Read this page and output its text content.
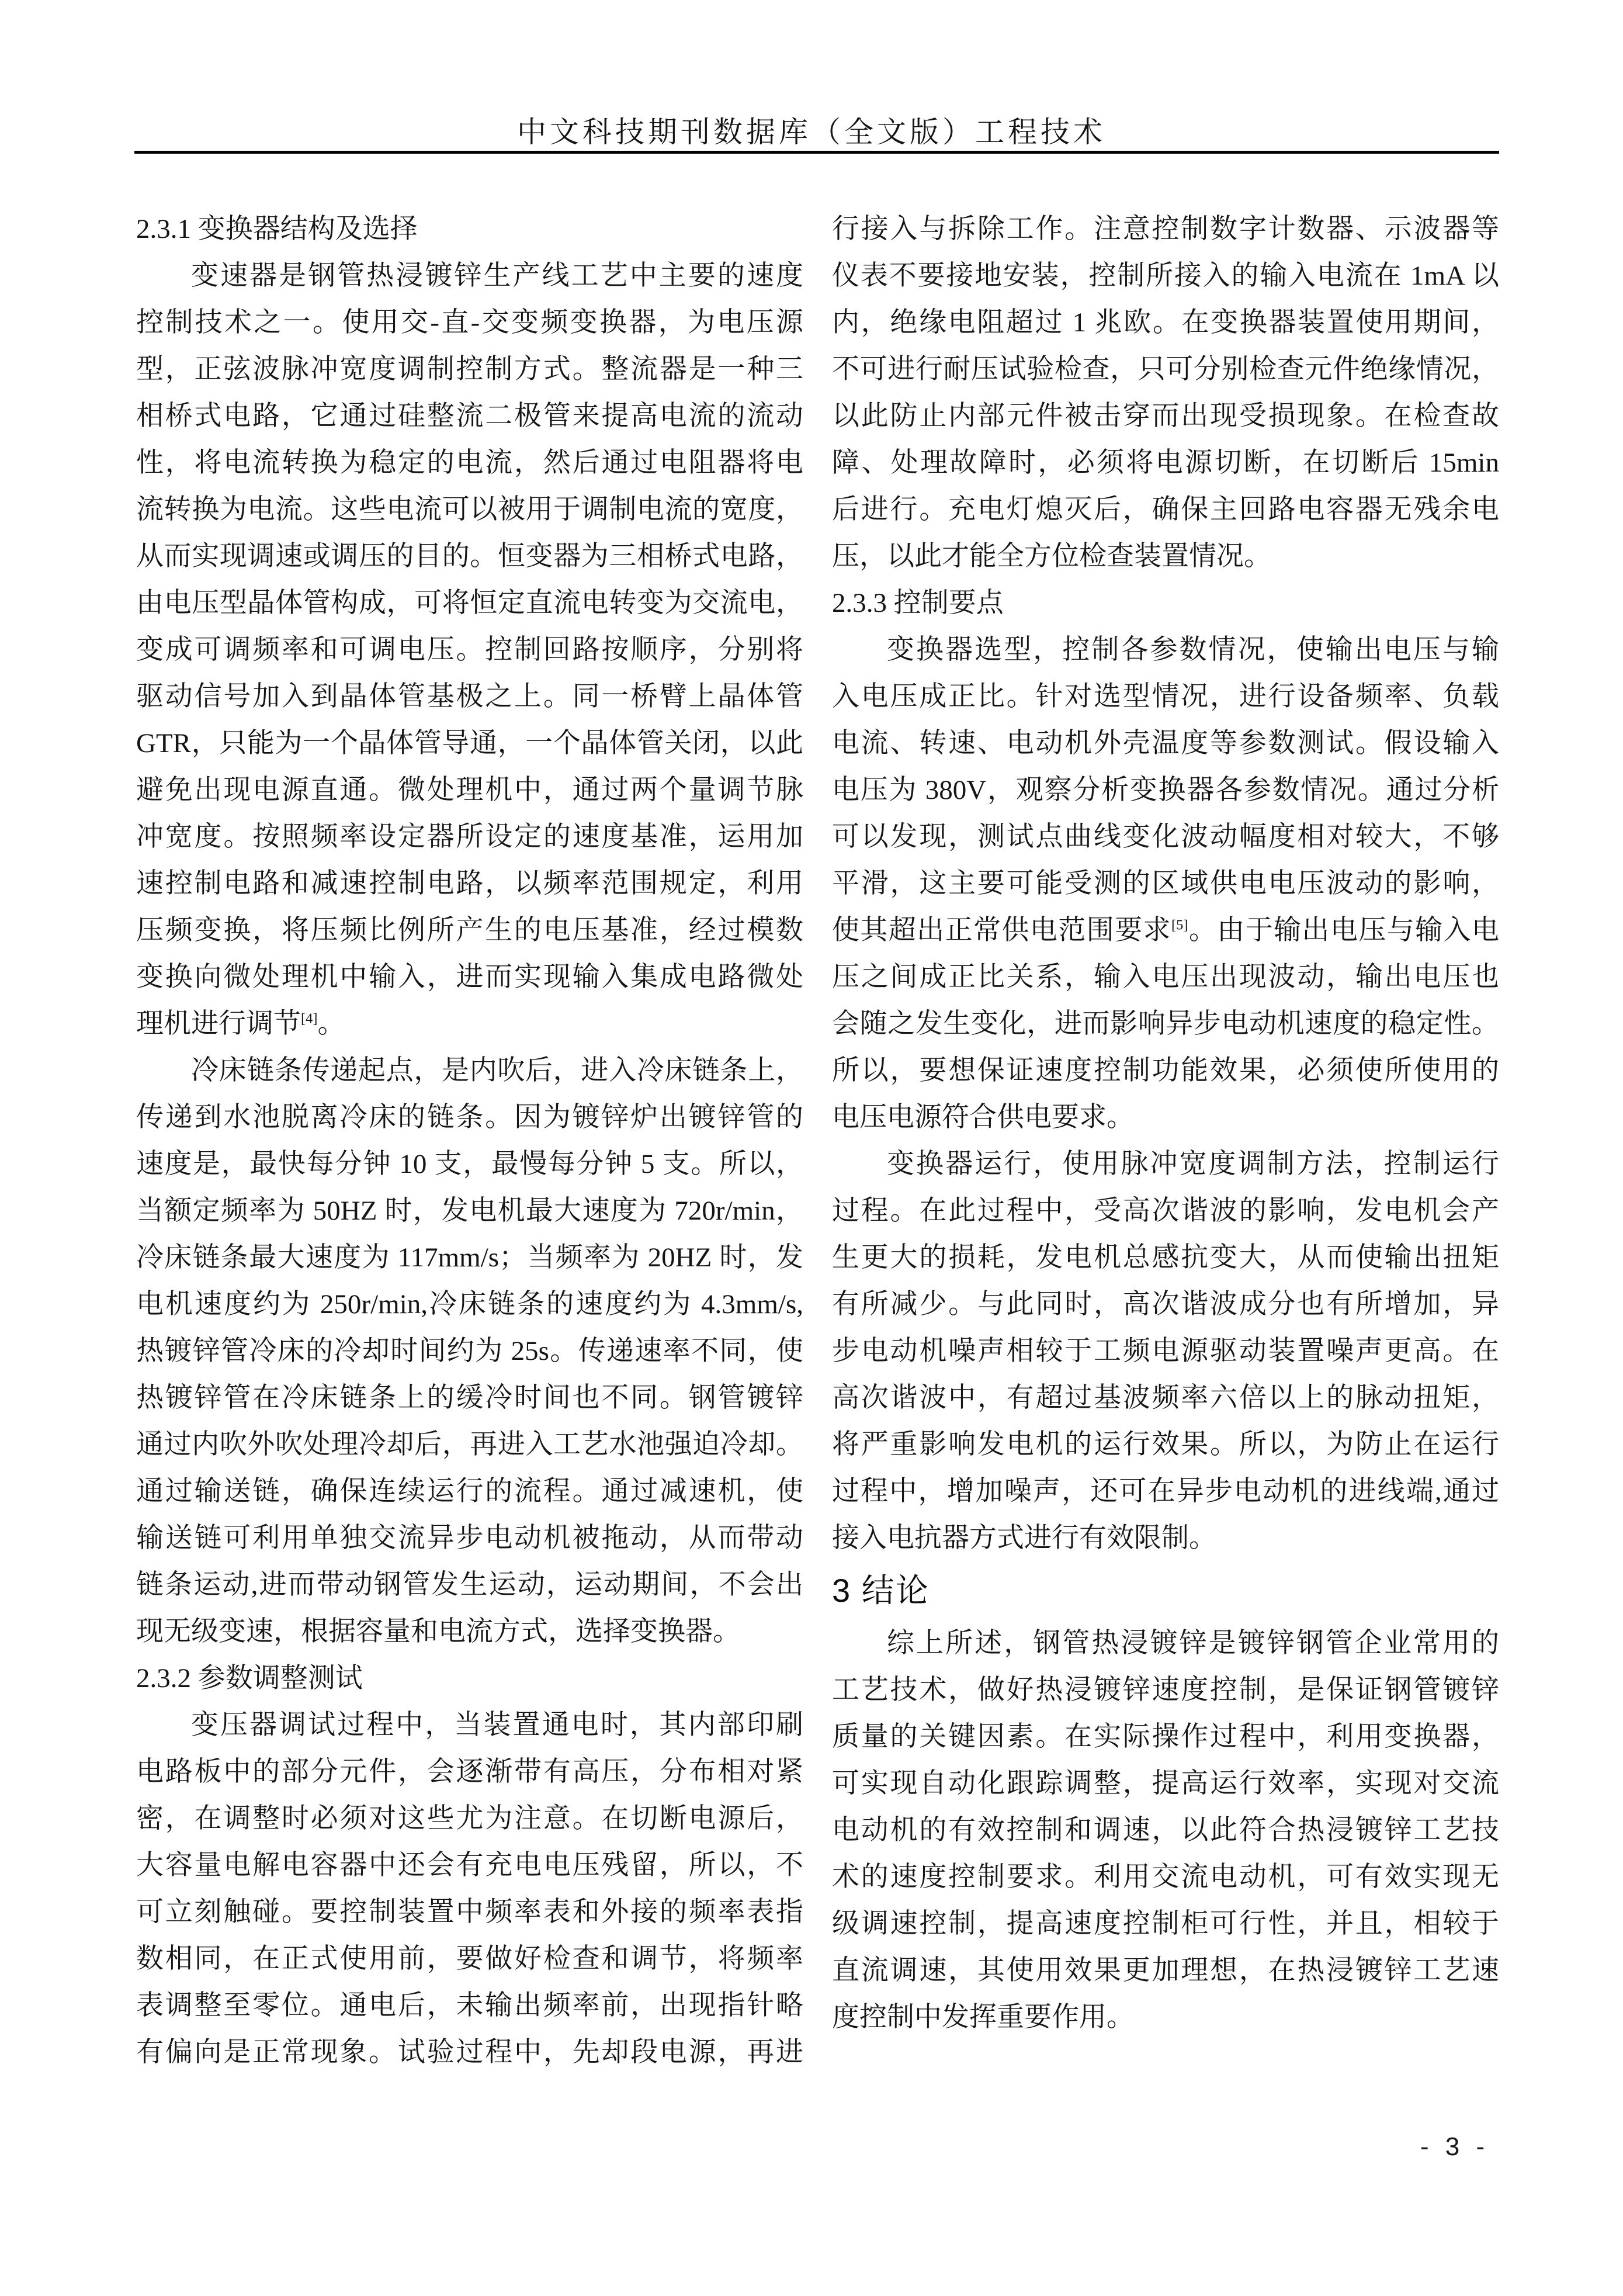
中文科技期刊数据库（全文版）工程技术
2.3.1 变换器结构及选择
变速器是钢管热浸镀锌生产线工艺中主要的速度
控制技术之一。使用交-直-交变频变换器，为电压源
型，正弦波脉冲宽度调制控制方式。整流器是一种三
相桥式电路，它通过硅整流二极管来提高电流的流动
性，将电流转换为稳定的电流，然后通过电阻器将电
流转换为电流。这些电流可以被用于调制电流的宽度，
从而实现调速或调压的目的。恒变器为三相桥式电路，
由电压型晶体管构成，可将恒定直流电转变为交流电，
变成可调频率和可调电压。控制回路按顺序，分别将
驱动信号加入到晶体管基极之上。同一桥臂上晶体管
GTR，只能为一个晶体管导通，一个晶体管关闭，以此
避免出现电源直通。微处理机中，通过两个量调节脉
冲宽度。按照频率设定器所设定的速度基准，运用加
速控制电路和减速控制电路，以频率范围规定，利用
压频变换，将压频比例所产生的电压基准，经过模数
变换向微处理机中输入，进而实现输入集成电路微处
理机进行调节[4]。
冷床链条传递起点，是内吹后，进入冷床链条上，
传递到水池脱离冷床的链条。因为镀锌炉出镀锌管的
速度是，最快每分钟 10 支，最慢每分钟 5 支。所以，
当额定频率为 50HZ 时，发电机最大速度为 720r/min，
冷床链条最大速度为 117mm/s；当频率为 20HZ 时，发
电机速度约为 250r/min,冷床链条的速度约为 4.3mm/s,
热镀锌管冷床的冷却时间约为 25s。传递速率不同，使
热镀锌管在冷床链条上的缓冷时间也不同。钢管镀锌
通过内吹外吹处理冷却后，再进入工艺水池强迫冷却。
通过输送链，确保连续运行的流程。通过减速机，使
输送链可利用单独交流异步电动机被拖动，从而带动
链条运动,进而带动钢管发生运动，运动期间，不会出
现无级变速，根据容量和电流方式，选择变换器。
2.3.2 参数调整测试
变压器调试过程中，当装置通电时，其内部印刷
电路板中的部分元件，会逐渐带有高压，分布相对紧
密，在调整时必须对这些尤为注意。在切断电源后，
大容量电解电容器中还会有充电电压残留，所以，不
可立刻触碰。要控制装置中频率表和外接的频率表指
数相同，在正式使用前，要做好检查和调节，将频率
表调整至零位。通电后，未输出频率前，出现指针略
有偏向是正常现象。试验过程中，先却段电源，再进
行接入与拆除工作。注意控制数字计数器、示波器等
仪表不要接地安装，控制所接入的输入电流在 1mA 以
内，绝缘电阻超过 1 兆欧。在变换器装置使用期间，
不可进行耐压试验检查，只可分别检查元件绝缘情况，
以此防止内部元件被击穿而出现受损现象。在检查故
障、处理故障时，必须将电源切断，在切断后 15min
后进行。充电灯熄灭后，确保主回路电容器无残余电
压，以此才能全方位检查装置情况。
2.3.3 控制要点
变换器选型，控制各参数情况，使输出电压与输
入电压成正比。针对选型情况，进行设备频率、负载
电流、转速、电动机外壳温度等参数测试。假设输入
电压为 380V，观察分析变换器各参数情况。通过分析
可以发现，测试点曲线变化波动幅度相对较大，不够
平滑，这主要可能受测的区域供电电压波动的影响，
使其超出正常供电范围要求[5]。由于输出电压与输入电
压之间成正比关系，输入电压出现波动，输出电压也
会随之发生变化，进而影响异步电动机速度的稳定性。
所以，要想保证速度控制功能效果，必须使所使用的
电压电源符合供电要求。
变换器运行，使用脉冲宽度调制方法，控制运行
过程。在此过程中，受高次谐波的影响，发电机会产
生更大的损耗，发电机总感抗变大，从而使输出扭矩
有所减少。与此同时，高次谐波成分也有所增加，异
步电动机噪声相较于工频电源驱动装置噪声更高。在
高次谐波中，有超过基波频率六倍以上的脉动扭矩，
将严重影响发电机的运行效果。所以，为防止在运行
过程中，增加噪声，还可在异步电动机的进线端,通过
接入电抗器方式进行有效限制。
3 结论
综上所述，钢管热浸镀锌是镀锌钢管企业常用的
工艺技术，做好热浸镀锌速度控制，是保证钢管镀锌
质量的关键因素。在实际操作过程中，利用变换器，
可实现自动化跟踪调整，提高运行效率，实现对交流
电动机的有效控制和调速，以此符合热浸镀锌工艺技
术的速度控制要求。利用交流电动机，可有效实现无
级调速控制，提高速度控制柜可行性，并且，相较于
直流调速，其使用效果更加理想，在热浸镀锌工艺速
度控制中发挥重要作用。
- 3 -
